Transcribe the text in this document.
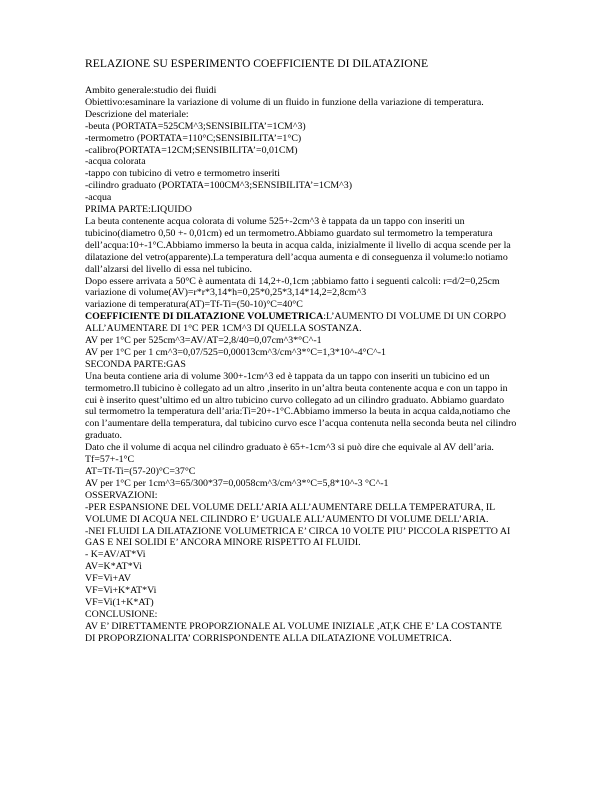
RELAZIONE SU ESPERIMENTO COEFFICIENTE DI DILATAZIONE
Ambito generale:studio dei fluidi
Obiettivo:esaminare la variazione di volume di un fluido in funzione della variazione di temperatura.
Descrizione del materiale:
-beuta (PORTATA=525CM^3;SENSIBILITA’=1CM^3)
-termometro (PORTATA=110°C;SENSIBILITA’=1°C)
-calibro(PORTATA=12CM;SENSIBILITA’=0,01CM)
-acqua colorata
-tappo con tubicino di vetro e termometro inseriti
-cilindro graduato (PORTATA=100CM^3;SENSIBILITA’=1CM^3)
-acqua
PRIMA PARTE:LIQUIDO
La beuta contenente acqua colorata di volume 525+-2cm^3 è tappata da un tappo con inseriti un
tubicino(diametro 0,50 +- 0,01cm) ed un termometro.Abbiamo guardato sul termometro la temperatura
dell’acqua:10+-1°C.Abbiamo immerso la beuta in acqua calda, inizialmente il livello di acqua scende per la
dilatazione del vetro(apparente).La temperatura dell’acqua aumenta e di conseguenza il volume:lo notiamo
dall’alzarsi del livello di essa nel tubicino.
Dopo essere arrivata a 50°C è aumentata di 14,2+-0,1cm ;abbiamo fatto i seguenti calcoli: r=d/2=0,25cm
variazione di volume(AV)=r*r*3,14*h=0,25*0,25*3,14*14,2=2,8cm^3
variazione di temperatura(AT)=Tf-Ti=(50-10)°C=40°C
COEFFICIENTE DI DILATAZIONE VOLUMETRICA:L’AUMENTO DI VOLUME DI UN CORPO
ALL’AUMENTARE DI 1°C PER 1CM^3 DI QUELLA SOSTANZA.
AV per 1°C per 525cm^3=AV/AT=2,8/40=0,07cm^3*°C^-1
AV per 1°C per 1 cm^3=0,07/525=0,00013cm^3/cm^3*°C=1,3*10^-4°C^-1
SECONDA PARTE:GAS
Una beuta contiene aria di volume 300+-1cm^3 ed è tappata da un tappo con inseriti un tubicino ed un
termometro.Il tubicino è collegato ad un altro ,inserito in un’altra beuta contenente acqua e con un tappo in
cui è inserito quest’ultimo ed un altro tubicino curvo collegato ad un cilindro graduato. Abbiamo guardato
sul termometro la temperatura dell’aria:Ti=20+-1°C.Abbiamo immerso la beuta in acqua calda,notiamo che
con l’aumentare della temperatura, dal tubicino curvo esce l’acqua contenuta nella seconda beuta nel cilindro
graduato.
Dato che il volume di acqua nel cilindro graduato è 65+-1cm^3 si può dire che equivale al AV dell’aria.
Tf=57+-1°C
AT=Tf-Ti=(57-20)°C=37°C
AV per 1°C per 1cm^3=65/300*37=0,0058cm^3/cm^3*°C=5,8*10^-3 °C^-1
OSSERVAZIONI:
-PER ESPANSIONE DEL VOLUME DELL’ARIA ALL’AUMENTARE DELLA TEMPERATURA, IL
VOLUME DI ACQUA NEL CILINDRO E’ UGUALE ALL’AUMENTO DI VOLUME DELL’ARIA.
-NEI FLUIDI LA DILATAZIONE VOLUMETRICA E’ CIRCA 10 VOLTE PIU’ PICCOLA RISPETTO AI
GAS E NEI SOLIDI E’ ANCORA MINORE RISPETTO AI FLUIDI.
- K=AV/AT*Vi
AV=K*AT*Vi
VF=Vi+AV
VF=Vi+K*AT*Vi
VF=Vi(1+K*AT)
CONCLUSIONE:
AV E’ DIRETTAMENTE PROPORZIONALE AL VOLUME INIZIALE ,AT,K CHE E’ LA COSTANTE
DI PROPORZIONALITA’ CORRISPONDENTE ALLA DILATAZIONE VOLUMETRICA.
